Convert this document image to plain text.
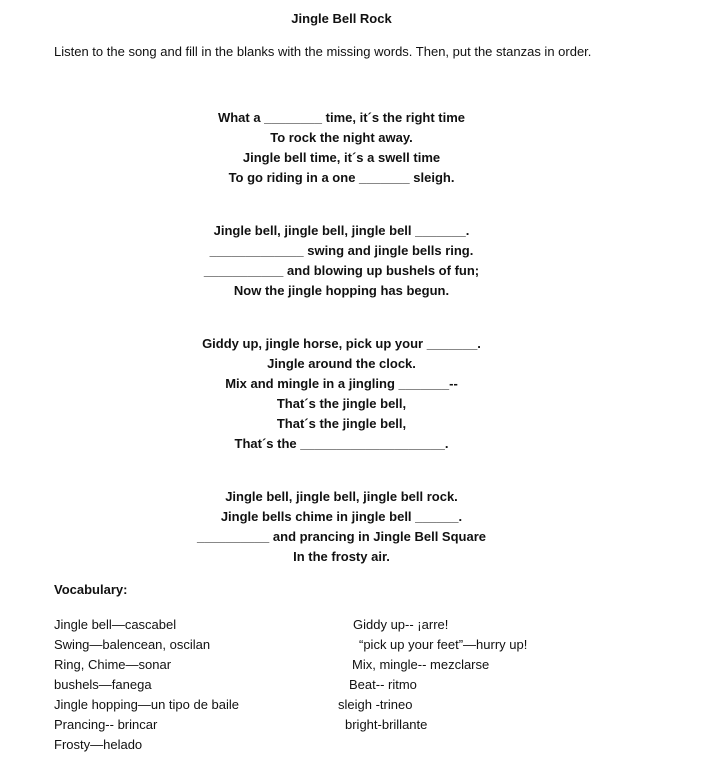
Jingle Bell Rock
Listen to the song and fill in the blanks with the missing words. Then, put the stanzas in order.
What a ________ time, it´s the right time
To rock the night away.
Jingle bell time, it´s a swell time
To go riding in a one _______ sleigh.
Jingle bell, jingle bell, jingle bell _______.
_____________ swing and jingle bells ring.
___________ and blowing up bushels of fun;
Now the jingle hopping has begun.
Giddy up, jingle horse, pick up your _______.
Jingle around the clock.
Mix and mingle in a jingling _______--
That´s the jingle bell,
That´s the jingle bell,
That´s the ____________________.
Jingle bell, jingle bell, jingle bell rock.
Jingle bells chime in jingle bell ______.
__________ and prancing in Jingle Bell Square
In the frosty air.
Vocabulary:
Jingle bell—cascabel
Swing—balencean, oscilan
Ring, Chime—sonar
bushels—fanega
Jingle hopping—un tipo de baile
Prancing-- brincar
Frosty—helado
Giddy up-- ¡arre!
“pick up your feet”—hurry up!
Mix, mingle-- mezclarse
Beat-- ritmo
sleigh -trineo
bright-brillante
